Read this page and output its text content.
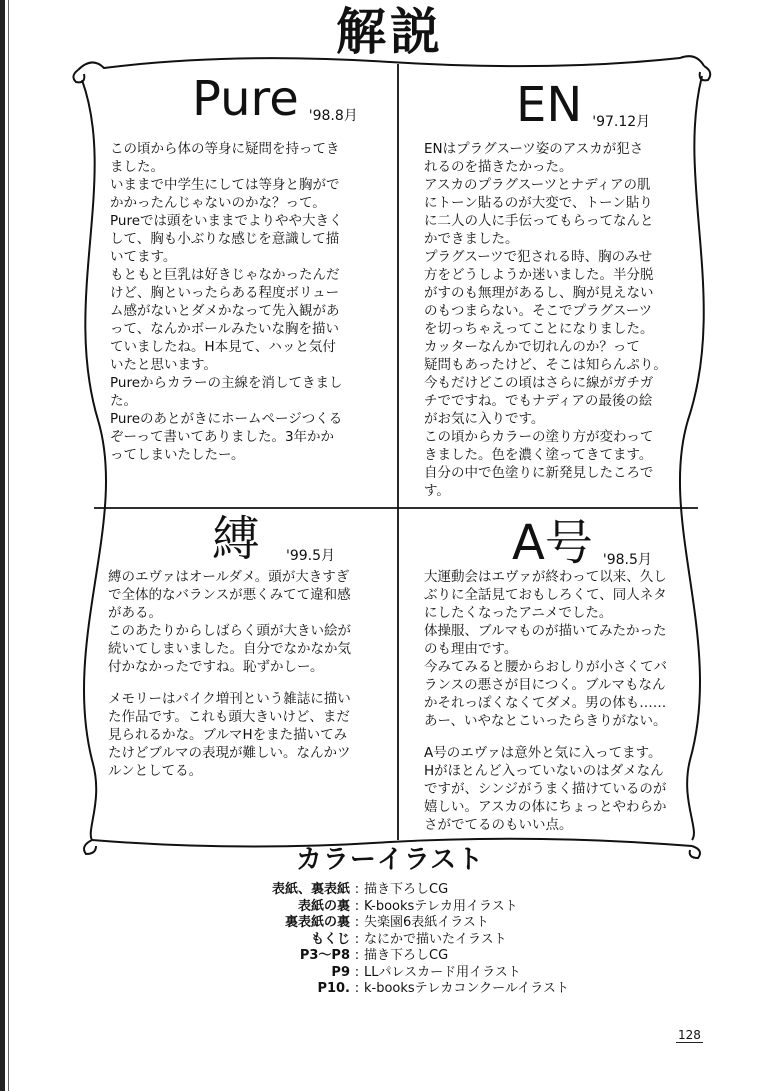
解説
Pure '98.8月

この頃から体の等身に疑問を持ってき
ました。

いままで中学生にしては等身と胸がで
かかったんじゃないのかな？って。

Pureでは頭をいままでよりやや大きく
して、胸も小ぶりな感じを意識して描
いてます。

もともと巨乳は好きじゃなかったんだ
けど、胸といったらある程度ボリュー
ム感がないとダメかなって先入観があ
って、なんかボールみたいな胸を描い
ていましたね。H本見て、ハッと気付
いたと思います。

Pureからカラーの主線を消してきまし
た。

Pureのあとがきにホームページつくる
ぞーって書いてありました。3年かか
ってしまいたしたー。

EN '97.12月

ENはプラグスーツ姿のアスカが犯さ
れるのを描きたかった。

アスカのプラグスーツとナディアの肌
にトーン貼るのが大変で、トーン貼り
に二人の人に手伝ってもらってなんと
かできました。

プラグスーツで犯される時、胸のみせ
方をどうしようか迷いました。半分脱
がすのも無理があるし、胸が見えない
のもつまらない。そこでプラグスーツ
を切っちゃえってことになりました。

カッターなんかで切れんのか？って
疑問もあったけど、そこは知らんぷり。

今もだけどこの頃はさらに線がガチガ
チでですね。でもナディアの最後の絵
がお気に入りです。

この頃からカラーの塗り方が変わって
きました。色を濃く塗ってきてます。
自分の中で色塗りに新発見したころで
す。

縛 '99.5月

縛のエヴァはオールダメ。頭が大きすぎ
で全体的なバランスが悪くみてて違和感
がある。

このあたりからしばらく頭が大きい絵が
続いてしまいました。自分でなかなか気
付かなかったですね。恥ずかしー。

メモリーはパイク増刊という雑誌に描い
た作品です。これも頭大きいけど、まだ
見られるかな。ブルマHをまた描いてみ
たけどブルマの表現が難しい。なんかツ
ルンとしてる。

A号 '98.5月

大運動会はエヴァが終わって以来、久し
ぶりに全話見ておもしろくて、同人ネタ
にしたくなったアニメでした。

体操服、ブルマものが描いてみたかった
のも理由です。

今みてみると腰からおしりが小さくてバ
ランスの悪さが目につく。ブルマもなん
かそれっぽくなくてダメ。男の体も……
あー、いやなとこいったらきりがない。

A号のエヴァは意外と気に入ってます。
Hがほとんど入っていないのはダメなん
ですが、シンジがうまく描けているのが
嬉しい。アスカの体にちょっとやわらか
さがでてるのもいい点。

カラーイラスト
表紙、裏表紙 : 描き下ろしCG
表紙の裏 : K-booksテレカ用イラスト
裏表紙の裏 : 失楽園6表紙イラスト
もくじ : なにかで描いたイラスト
P3〜P8 : 描き下ろしCG
P9 : LLパレスカード用イラスト
P10. : k-booksテレカコンクールイラスト
128
